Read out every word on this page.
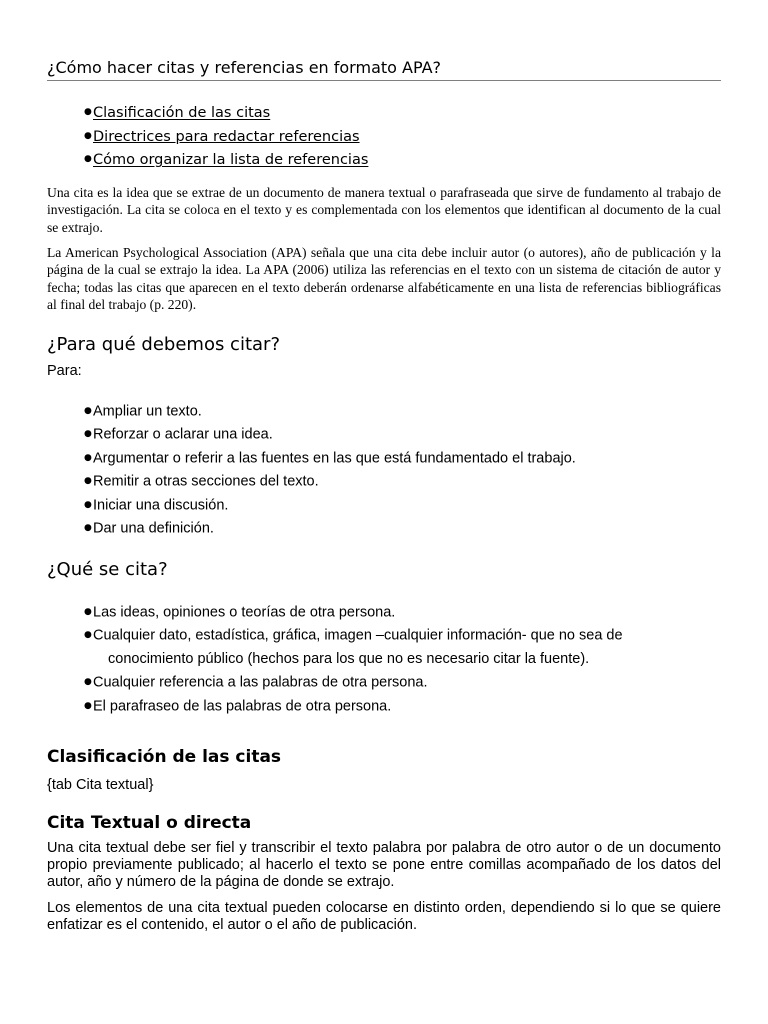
¿Cómo hacer citas y referencias en formato APA?
●Clasificación de las citas
●Directrices para redactar referencias
●Cómo organizar la lista de referencias

Una cita es la idea que se extrae de un documento de manera textual o parafraseada que sirve de fundamento al trabajo de investigación. La cita se coloca en el texto y es complementada con los elementos que identifican al documento de la cual se extrajo.

La American Psychological Association (APA) señala que una cita debe incluir autor (o autores), año de publicación y la página de la cual se extrajo la idea. La APA (2006) utiliza las referencias en el texto con un sistema de citación de autor y fecha; todas las citas que aparecen en el texto deberán ordenarse alfabéticamente en una lista de referencias bibliográficas al final del trabajo (p. 220).

¿Para qué debemos citar?

Para:

●Ampliar un texto.
●Reforzar o aclarar una idea.
●Argumentar o referir a las fuentes en las que está fundamentado el trabajo.
●Remitir a otras secciones del texto.
●Iniciar una discusión.
●Dar una definición.
¿Qué se cita?
●Las ideas, opiniones o teorías de otra persona.
●Cualquier dato, estadística, gráfica, imagen –cualquier información- que no sea de
conocimiento público (hechos para los que no es necesario citar la fuente).
●Cualquier referencia a las palabras de otra persona.
●El parafraseo de las palabras de otra persona.
Clasificación de las citas

{tab Cita textual}

Cita Textual o directa

Una cita textual debe ser fiel y transcribir el texto palabra por palabra de otro autor o de un documento propio previamente publicado; al hacerlo el texto se pone entre comillas acompañado de los datos del autor, año y número de la página de donde se extrajo.

Los elementos de una cita textual pueden colocarse en distinto orden, dependiendo si lo que se quiere enfatizar es el contenido, el autor o el año de publicación.
